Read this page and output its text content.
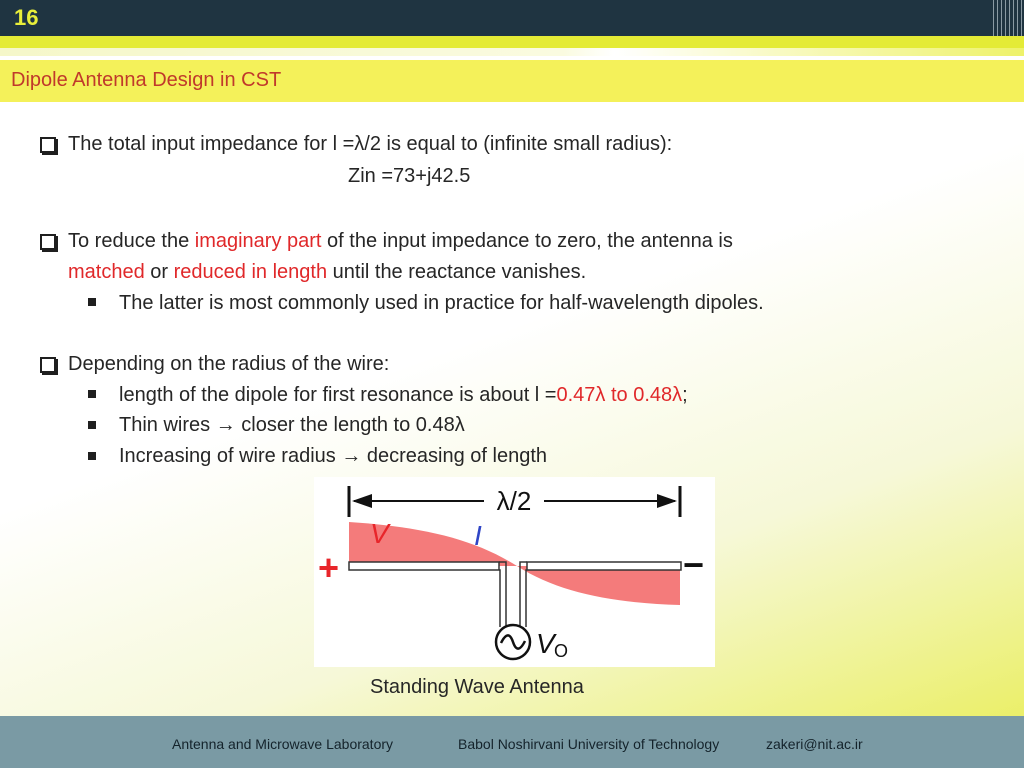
16
Dipole Antenna Design in CST
The total input impedance for l =λ/2 is equal to (infinite small radius):
Zin =73+j42.5
To reduce the imaginary part of the input impedance to zero, the antenna is
matched or reduced in length until the reactance vanishes.
The latter is most commonly used in practice for half-wavelength dipoles.
Depending on the radius of the wire:
length of the dipole for first resonance is about l =0.47λ to 0.48λ;
Thin wires → closer the length to 0.48λ
Increasing of wire radius → decreasing of length
λ/2
V	I
+	−
V O
Standing Wave Antenna
Antenna and Microwave Laboratory	Babol Noshirvani University of Technology	zakeri@nit.ac.ir
